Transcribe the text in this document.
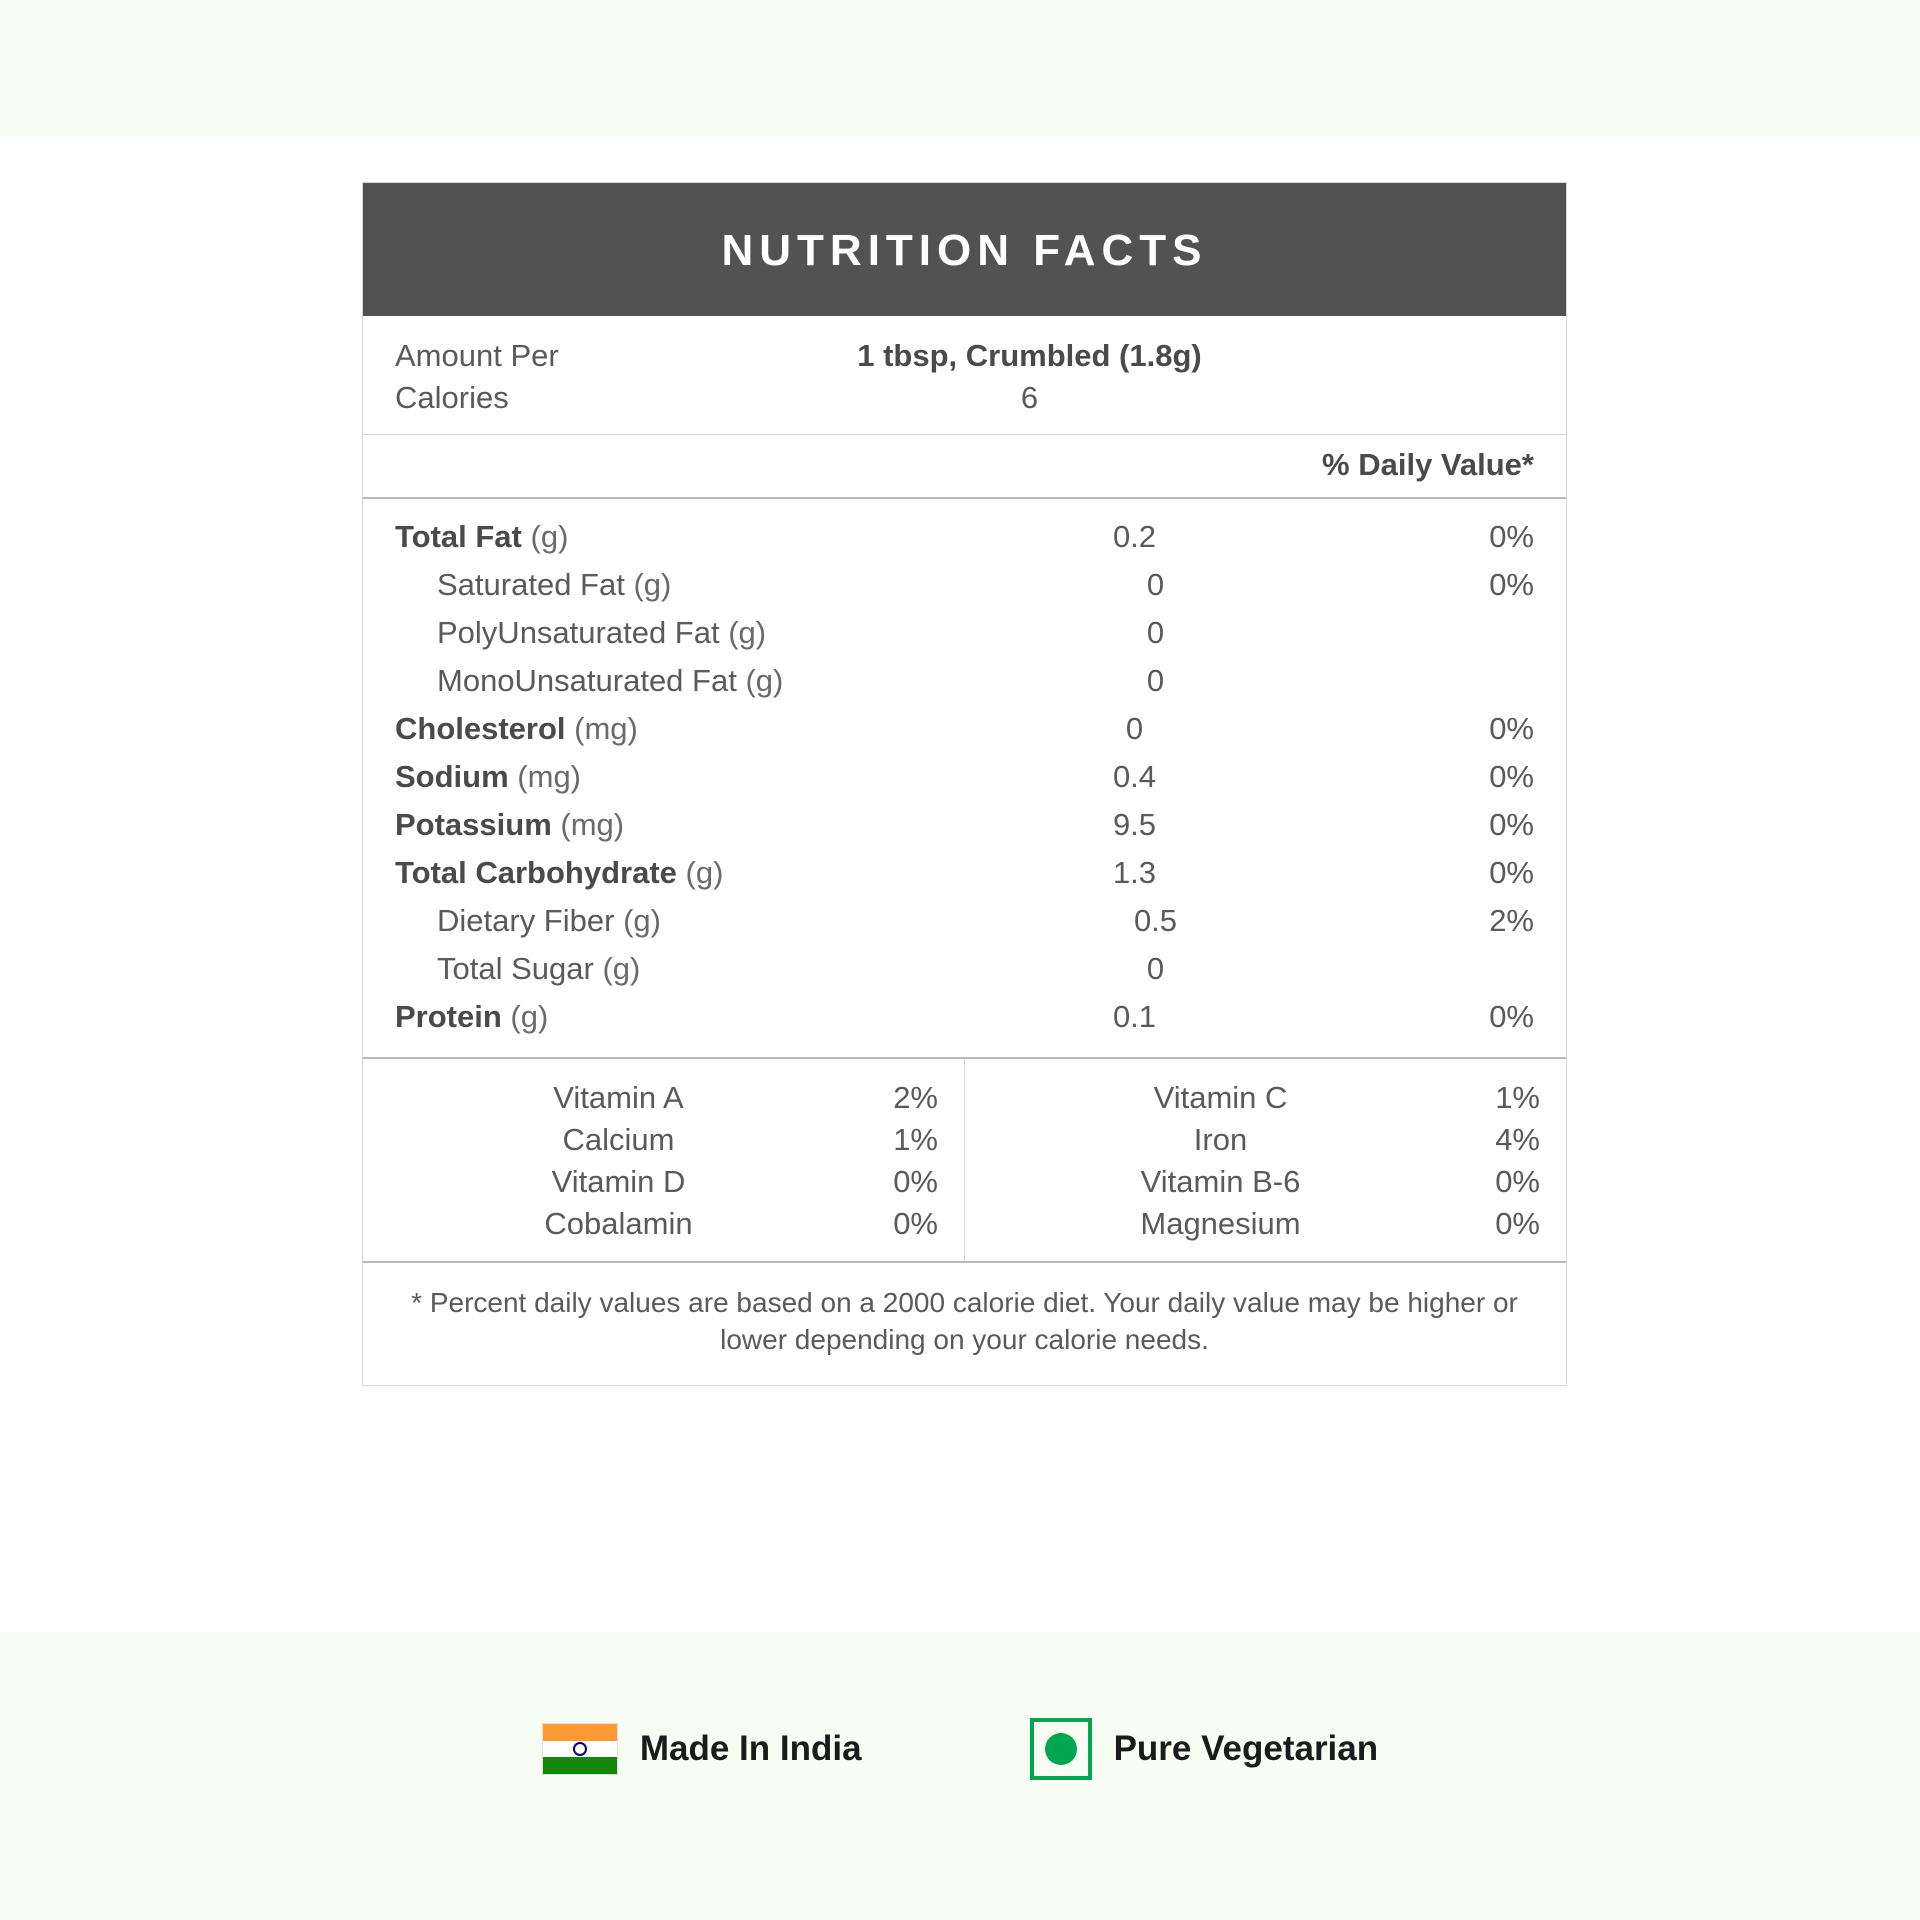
NUTRITION FACTS
Amount Per	1 tbsp, Crumbled (1.8g)
Calories	6
% Daily Value*
Total Fat (g)	0.2	0%
Saturated Fat (g)	0	0%
PolyUnsaturated Fat (g)	0
MonoUnsaturated Fat (g)	0
Cholesterol (mg)	0	0%
Sodium (mg)	0.4	0%
Potassium (mg)	9.5	0%
Total Carbohydrate (g)	1.3	0%
Dietary Fiber (g)	0.5	2%
Total Sugar (g)	0
Protein (g)	0.1	0%
Vitamin A	2%
Calcium	1%
Vitamin D	0%
Cobalamin	0%
Vitamin C	1%
Iron	4%
Vitamin B-6	0%
Magnesium	0%
* Percent daily values are based on a 2000 calorie diet. Your daily value may be higher or lower depending on your calorie needs.
Made In India	Pure Vegetarian
